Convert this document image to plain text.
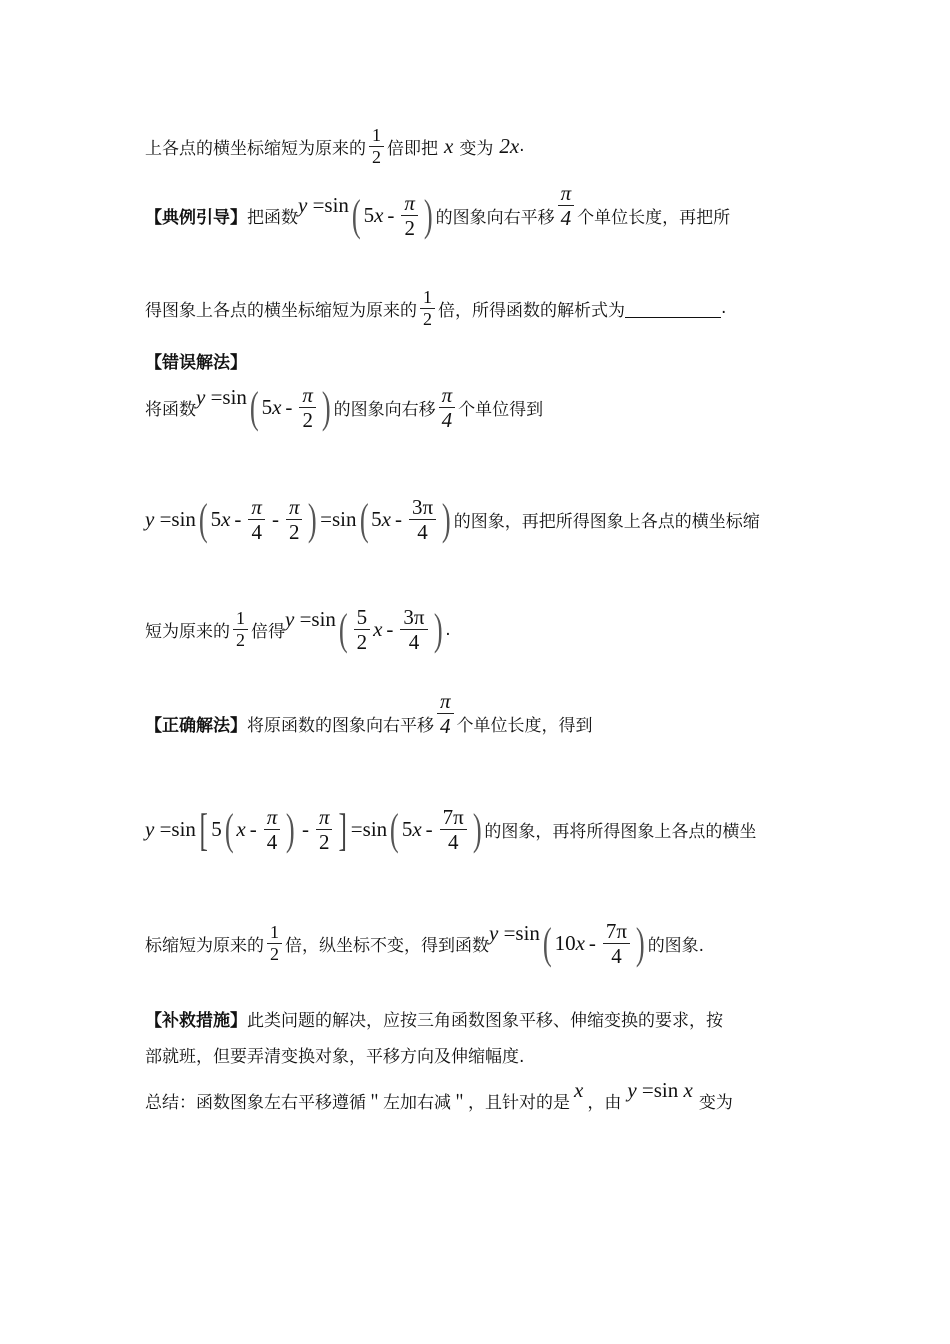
上各点的横坐标缩短为原来的 $\frac{1}{2}$ 倍即把 x 变为 2x .
【典例引导】 把函数
y =sin ( 5 x - $\frac{\pi}{2}$ ) 的图象向右平移 $\frac{\pi}{4}$ 个单位长度，再把所
得图象上各点的横坐标缩短为原来的 $\frac{1}{2}$ 倍，所得函数的解析式为	.
【错误解法】
将函数
y =sin ( 5 x - $\frac{\pi}{2}$ ) 的图象向右移 $\frac{\pi}{4}$ 个单位得到
y =sin ( 5 x - $\frac{\pi}{4} - \frac{\pi}{2}$ ) =sin ( 5 x - $\frac{3\pi}{4}$ ) 的图象，再把所得图象上各点的横坐标缩
短为原来的 $\frac{1}{2}$ 倍得
y =sin ( $\frac{5}{2}$ x - $\frac{3\pi}{4}$ ) .
【正确解法】 将原函数的图象向右平移 $\frac{\pi}{4}$ 个单位长度，得到
y =sin [ 5 ( x - $\frac{\pi}{4}$ ) - $\frac{\pi}{2}$ ] =sin ( 5 x - $\frac{7\pi}{4}$ ) 的图象，再将所得图象上各点的横坐
标缩短为原来的 $\frac{1}{2}$ 倍，纵坐标不变，得到函数
y =sin ( 10 x - $\frac{7\pi}{4}$ ) 的图象.
【补救措施】 此类问题的解决，应按三角函数图象平移、伸缩变换的要求，按
部就班，但要弄清变换对象，平移方向及伸缩幅度.
总结：函数图象左右平移遵循＂左加右减＂，且针对的是
x
，由
y =sin x
变为
